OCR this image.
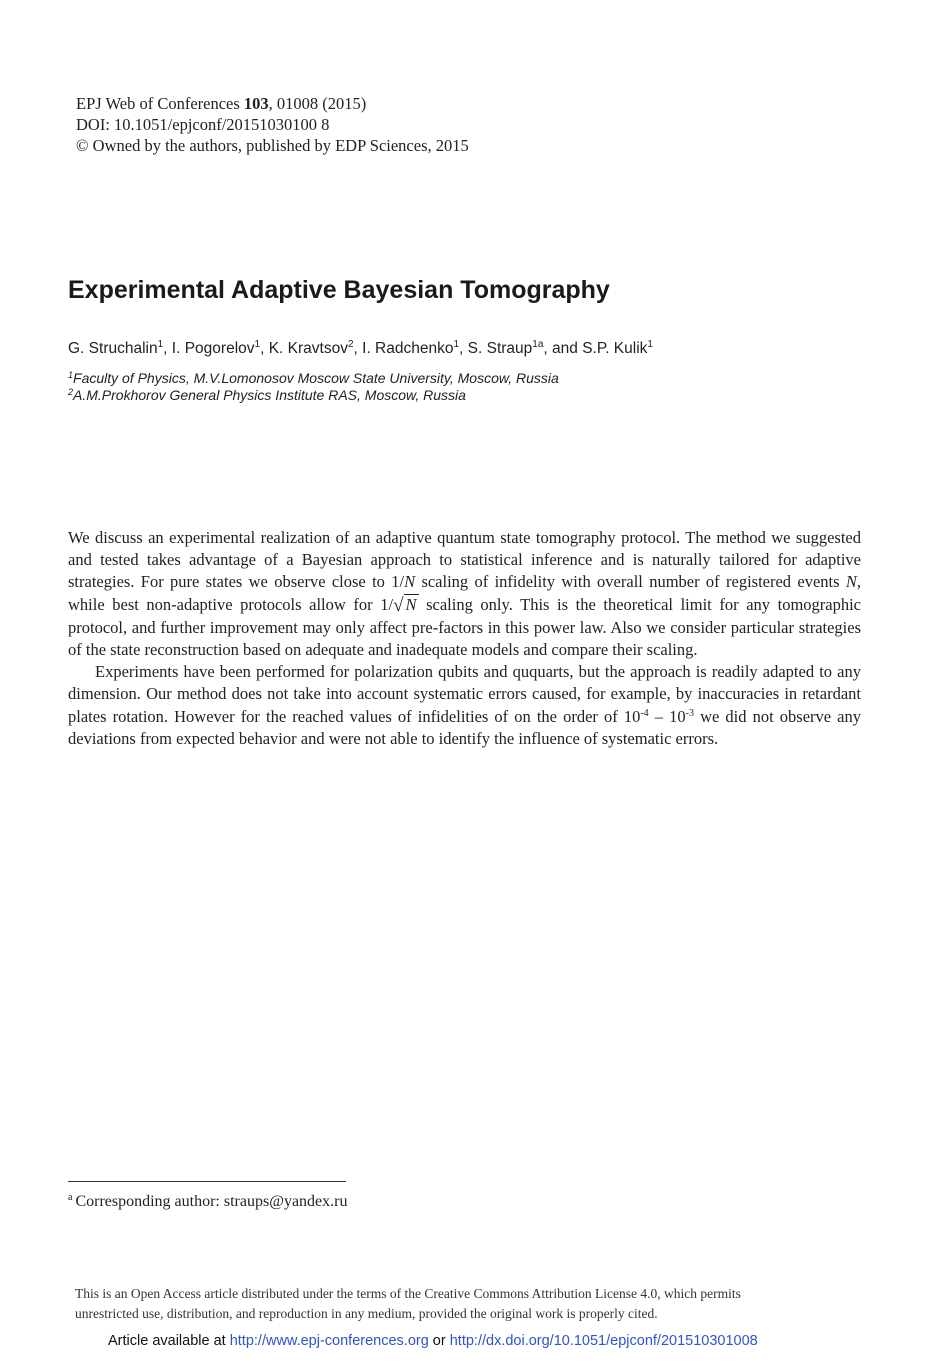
EPJ Web of Conferences 103, 01008 (2015)
DOI: 10.1051/epjconf/20151030100 8
© Owned by the authors, published by EDP Sciences, 2015
Experimental Adaptive Bayesian Tomography
G. Struchalin$^1$, I. Pogorelov$^1$, K. Kravtsov$^2$, I. Radchenko$^1$, S. Straup$^{1a}$, and S.P. Kulik$^1$
$^1$Faculty of Physics, M.V.Lomonosov Moscow State University, Moscow, Russia
$^2$A.M.Prokhorov General Physics Institute RAS, Moscow, Russia

We discuss an experimental realization of an adaptive quantum state tomography protocol. The method we suggested and tested takes advantage of a Bayesian approach to statistical inference and is naturally tailored for adaptive strategies. For pure states we observe close to 1/N scaling of infidelity with overall number of registered events N, while best non-adaptive protocols allow for 1/√ N scaling only. This is the theoretical limit for any tomographic protocol, and further improvement may only affect pre-factors in this power law. Also we consider particular strategies of the state reconstruction based on adequate and inadequate models and compare their scaling.

Experiments have been performed for polarization qubits and ququarts, but the approach is readily adapted to any dimension. Our method does not take into account systematic errors caused, for example, by inaccuracies in retardant plates rotation. However for the reached values of infidelities of on the order of $10^{-4} - 10^{-3}$ we did not observe any deviations from expected behavior and were not able to identify the influence of systematic errors.

$^a$ Corresponding author: straups@yandex.ru
This is an Open Access article distributed under the terms of the Creative Commons Attribution License 4.0, which permits
unrestricted use, distribution, and reproduction in any medium, provided the original work is properly cited.
Article available at http://www.epj-conferences.org or http://dx.doi.org/10.1051/epjconf/201510301008
